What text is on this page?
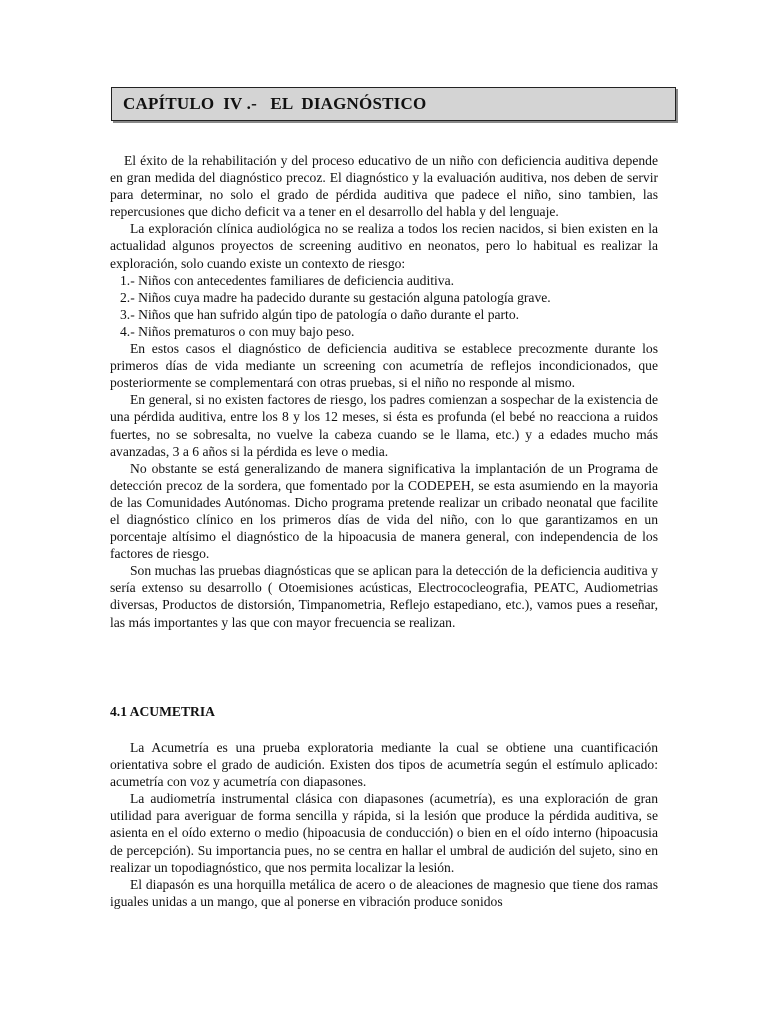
CAPÍTULO  IV .-   EL  DIAGNÓSTICO

El éxito de la rehabilitación y del proceso educativo de un niño con deficiencia auditiva depende en gran medida del diagnóstico precoz. El diagnóstico y la evaluación auditiva, nos deben de servir para determinar, no solo el grado de pérdida auditiva que padece el niño, sino tambien, las repercusiones que dicho deficit va a tener en el desarrollo del habla y del lenguaje.

La exploración clínica audiológica no se realiza a todos los recien nacidos, si bien existen en la actualidad algunos proyectos de screening auditivo en neonatos, pero lo habitual es realizar la exploración, solo cuando existe un contexto de riesgo:

1.- Niños con antecedentes familiares de deficiencia auditiva.

2.- Niños cuya madre ha padecido durante su gestación alguna patología grave.

3.- Niños que han sufrido algún tipo de patología o daño durante el parto.

4.- Niños prematuros o con muy bajo peso.

En estos casos el diagnóstico de deficiencia auditiva se establece precozmente durante los primeros días de vida mediante un screening con acumetría de reflejos incondicionados, que posteriormente se complementará con otras pruebas, si el niño no responde al mismo.

En general, si no existen factores de riesgo, los padres comienzan a sospechar de la existencia de una pérdida auditiva, entre los 8 y los 12 meses, si ésta es profunda (el bebé no reacciona a ruidos fuertes, no se sobresalta, no vuelve la cabeza cuando se le llama, etc.) y a edades mucho más avanzadas, 3 a 6 años si la pérdida es leve o media.

No obstante se está generalizando de manera significativa la implantación de un Programa de detección precoz de la sordera, que fomentado por la CODEPEH, se esta asumiendo en la mayoria de las Comunidades Autónomas. Dicho programa pretende realizar un cribado neonatal que facilite el diagnóstico clínico en los primeros días de vida del niño, con lo que garantizamos en un porcentaje altísimo el diagnóstico de la hipoacusia de manera general, con independencia de los factores de riesgo.

Son muchas las pruebas diagnósticas que se aplican para la detección de la deficiencia auditiva y sería extenso su desarrollo ( Otoemisiones acústicas, Electrococleografia, PEATC, Audiometrias diversas, Productos de distorsión, Timpanometria, Reflejo estapediano, etc.), vamos pues a reseñar, las más importantes y las que con mayor frecuencia se realizan.

4.1 ACUMETRIA

La Acumetría es una prueba exploratoria mediante la cual se obtiene una cuantificación orientativa sobre el grado de audición. Existen dos tipos de acumetría según el estímulo aplicado: acumetría con voz y acumetría con diapasones.

La audiometría instrumental clásica con diapasones (acumetría), es una exploración de gran utilidad para averiguar de forma sencilla y rápida, si la lesión que produce la pérdida auditiva, se asienta en el oído externo o medio (hipoacusia de conducción) o bien en el oído interno (hipoacusia de percepción). Su importancia pues, no se centra en hallar el umbral de audición del sujeto, sino en realizar un topodiagnóstico, que nos permita localizar la lesión.

El diapasón es una horquilla metálica de acero o de aleaciones de magnesio que tiene dos ramas iguales unidas a un mango, que al ponerse en vibración produce sonidos
